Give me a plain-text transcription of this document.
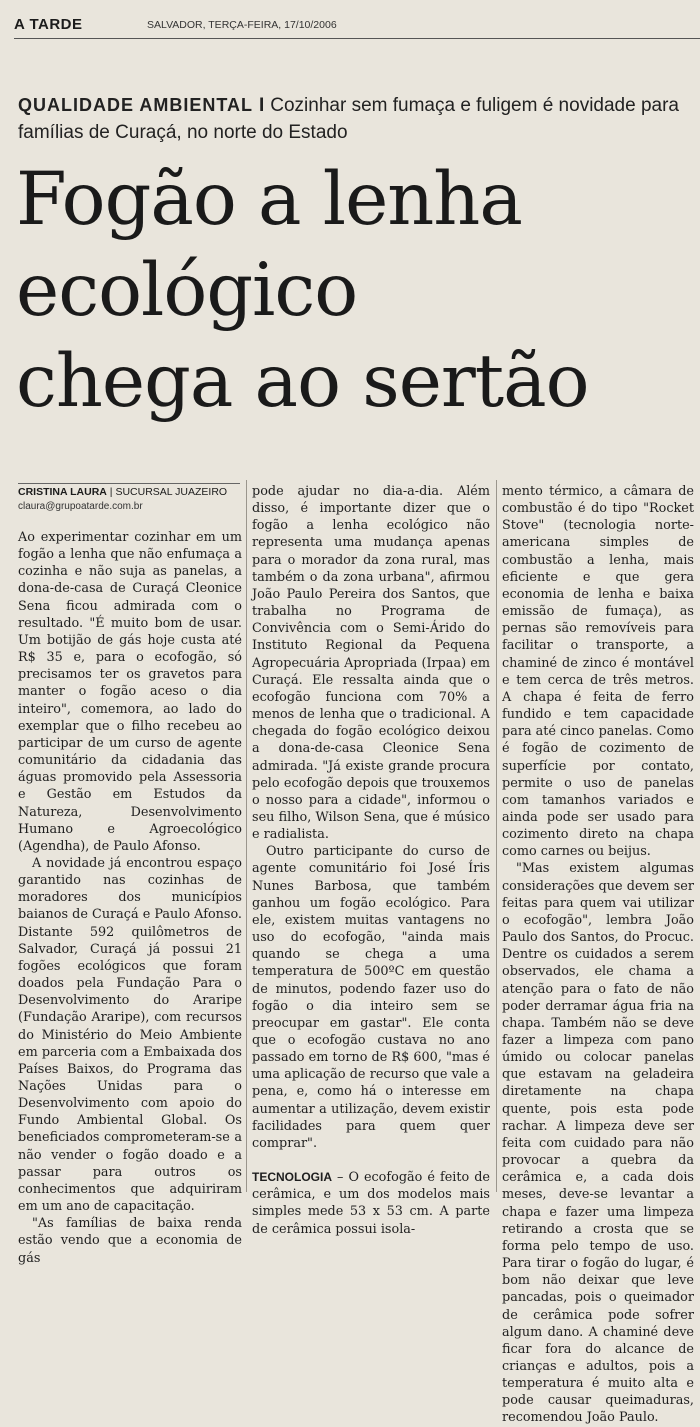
A TARDE	SALVADOR, TERÇA-FEIRA, 17/10/2006
QUALIDADE AMBIENTAL I Cozinhar sem fumaça e fuligem é novidade para famílias de Curaçá, no norte do Estado
Fogão a lenha
ecológico
chega ao sertão
CRISTINA LAURA | SUCURSAL JUAZEIRO
claura@grupoatarde.com.br

Ao experimentar cozinhar em um fogão a lenha que não enfumaça a cozinha e não suja as panelas, a dona-de-casa de Curaçá Cleonice Sena ficou admirada com o resultado. "É muito bom de usar. Um botijão de gás hoje custa até R$ 35 e, para o ecofogão, só precisamos ter os gravetos para manter o fogão aceso o dia inteiro", comemora, ao lado do exemplar que o filho recebeu ao participar de um curso de agente comunitário da cidadania das águas promovido pela Assessoria e Gestão em Estudos da Natureza, Desenvolvimento Humano e Agroecológico (Agendha), de Paulo Afonso.

A novidade já encontrou espaço garantido nas cozinhas de moradores dos municípios baianos de Curaçá e Paulo Afonso. Distante 592 quilômetros de Salvador, Curaçá já possui 21 fogões ecológicos que foram doados pela Fundação Para o Desenvolvimento do Araripe (Fundação Araripe), com recursos do Ministério do Meio Ambiente em parceria com a Embaixada dos Países Baixos, do Programa das Nações Unidas para o Desenvolvimento com apoio do Fundo Ambiental Global. Os beneficiados comprometeram-se a não vender o fogão doado e a passar para outros os conhecimentos que adquiriram em um ano de capacitação.

"As famílias de baixa renda estão vendo que a economia de gás

pode ajudar no dia-a-dia. Além disso, é importante dizer que o fogão a lenha ecológico não representa uma mudança apenas para o morador da zona rural, mas também o da zona urbana", afirmou João Paulo Pereira dos Santos, que trabalha no Programa de Convivência com o Semi-Árido do Instituto Regional da Pequena Agropecuária Apropriada (Irpaa) em Curaçá. Ele ressalta ainda que o ecofogão funciona com 70% a menos de lenha que o tradicional. A chegada do fogão ecológico deixou a dona-de-casa Cleonice Sena admirada. "Já existe grande procura pelo ecofogão depois que trouxemos o nosso para a cidade", informou o seu filho, Wilson Sena, que é músico e radialista.

Outro participante do curso de agente comunitário foi José Íris Nunes Barbosa, que também ganhou um fogão ecológico. Para ele, existem muitas vantagens no uso do ecofogão, "ainda mais quando se chega a uma temperatura de 500ºC em questão de minutos, podendo fazer uso do fogão o dia inteiro sem se preocupar em gastar". Ele conta que o ecofogão custava no ano passado em torno de R$ 600, "mas é uma aplicação de recurso que vale a pena, e, como há o interesse em aumentar a utilização, devem existir facilidades para quem quer comprar".

TECNOLOGIA – O ecofogão é feito de cerâmica, e um dos modelos mais simples mede 53 x 53 cm. A parte de cerâmica possui isola-

mento térmico, a câmara de combustão é do tipo "Rocket Stove" (tecnologia norte-americana simples de combustão a lenha, mais eficiente e que gera economia de lenha e baixa emissão de fumaça), as pernas são removíveis para facilitar o transporte, a chaminé de zinco é montável e tem cerca de três metros. A chapa é feita de ferro fundido e tem capacidade para até cinco panelas. Como é fogão de cozimento de superfície por contato, permite o uso de panelas com tamanhos variados e ainda pode ser usado para cozimento direto na chapa como carnes ou beijus.

"Mas existem algumas considerações que devem ser feitas para quem vai utilizar o ecofogão", lembra João Paulo dos Santos, do Procuc. Dentre os cuidados a serem observados, ele chama a atenção para o fato de não poder derramar água fria na chapa. Também não se deve fazer a limpeza com pano úmido ou colocar panelas que estavam na geladeira diretamente na chapa quente, pois esta pode rachar. A limpeza deve ser feita com cuidado para não provocar a quebra da cerâmica e, a cada dois meses, deve-se levantar a chapa e fazer uma limpeza retirando a crosta que se forma pelo tempo de uso. Para tirar o fogão do lugar, é bom não deixar que leve pancadas, pois o queimador de cerâmica pode sofrer algum dano. A chaminé deve ficar fora do alcance de crianças e adultos, pois a temperatura é muito alta e pode causar queimaduras, recomendou João Paulo.
